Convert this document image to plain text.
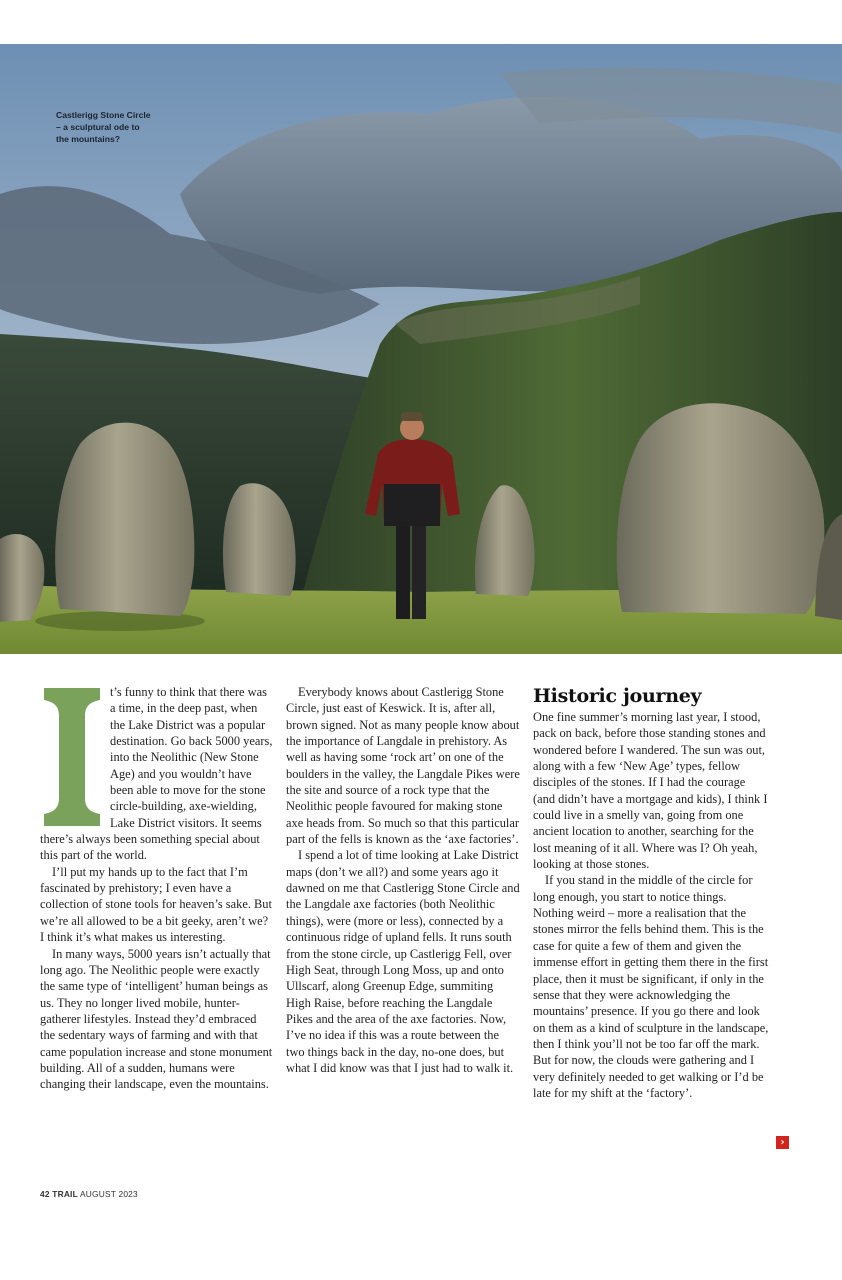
Castlerigg Stone Circle
– a sculptural ode to
the mountains?

t’s funny to think that there was a time, in the deep past, when the Lake District was a popular destination. Go back 5000 years, into the Neolithic (New Stone Age) and you wouldn’t have been able to move for the stone circle-building, axe-wielding, Lake District visitors. It seems there’s always been something special about this part of the world.

I’ll put my hands up to the fact that I’m fascinated by prehistory; I even have a collection of stone tools for heaven’s sake. But we’re all allowed to be a bit geeky, aren’t we? I think it’s what makes us interesting.

In many ways, 5000 years isn’t actually that long ago. The Neolithic people were exactly the same type of ‘intelligent’ human beings as us. They no longer lived mobile, hunter-gatherer lifestyles. Instead they’d embraced the sedentary ways of farming and with that came population increase and stone monument building. All of a sudden, humans were changing their landscape, even the mountains.

Everybody knows about Castlerigg Stone Circle, just east of Keswick. It is, after all, brown signed. Not as many people know about the importance of Langdale in prehistory. As well as having some ‘rock art’ on one of the boulders in the valley, the Langdale Pikes were the site and source of a rock type that the Neolithic people favoured for making stone axe heads from. So much so that this particular part of the fells is known as the ‘axe factories’.

I spend a lot of time looking at Lake District maps (don’t we all?) and some years ago it dawned on me that Castlerigg Stone Circle and the Langdale axe factories (both Neolithic things), were (more or less), connected by a continuous ridge of upland fells. It runs south from the stone circle, up Castlerigg Fell, over High Seat, through Long Moss, up and onto Ullscarf, along Greenup Edge, summiting High Raise, before reaching the Langdale Pikes and the area of the axe factories. Now, I’ve no idea if this was a route between the two things back in the day, no-one does, but what I did know was that I just had to walk it.

Historic journey

One fine summer’s morning last year, I stood, pack on back, before those standing stones and wondered before I wandered. The sun was out, along with a few ‘New Age’ types, fellow disciples of the stones. If I had the courage (and didn’t have a mortgage and kids), I think I could live in a smelly van, going from one ancient location to another, searching for the lost meaning of it all. Where was I? Oh yeah, looking at those stones.

If you stand in the middle of the circle for long enough, you start to notice things. Nothing weird – more a realisation that the stones mirror the fells behind them. This is the case for quite a few of them and given the immense effort in getting them there in the first place, then it must be significant, if only in the sense that they were acknowledging the mountains’ presence. If you go there and look on them as a kind of sculpture in the landscape, then I think you’ll not be too far off the mark. But for now, the clouds were gathering and I very definitely needed to get walking or I’d be late for my shift at the ‘factory’.

›
42 TRAIL AUGUST 2023
